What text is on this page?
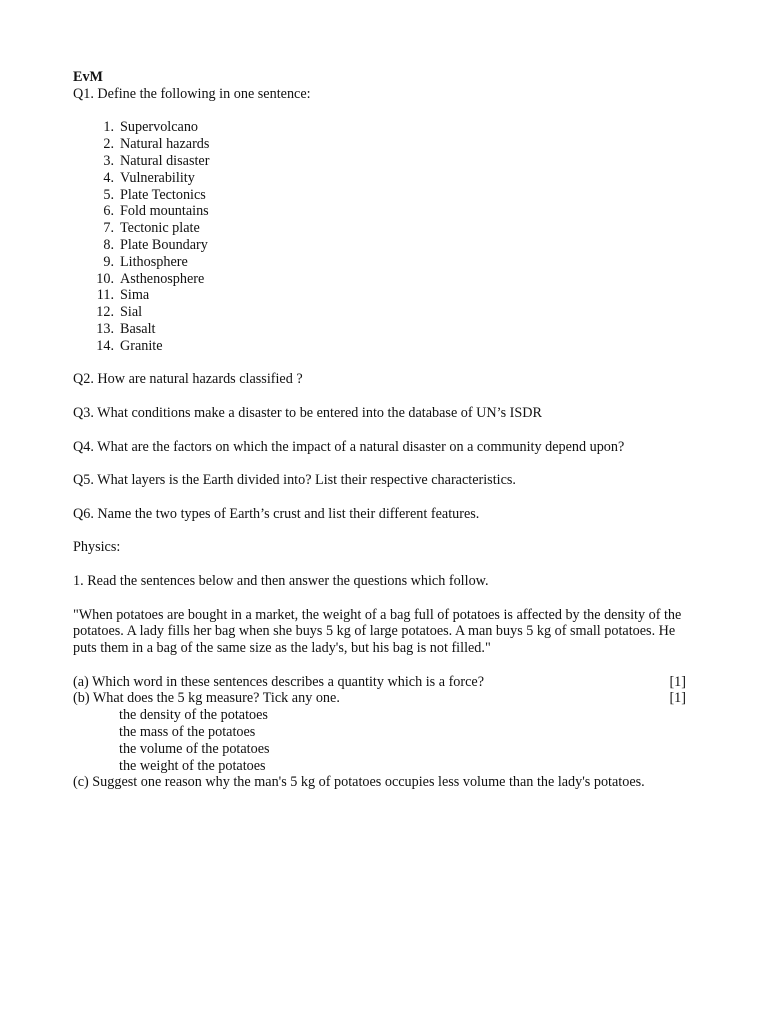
EvM

Q1. Define the following in one sentence:

1. Supervolcano
2. Natural hazards
3. Natural disaster
4. Vulnerability
5. Plate Tectonics
6. Fold mountains
7. Tectonic plate
8. Plate Boundary
9. Lithosphere
10. Asthenosphere
11. Sima
12. Sial
13. Basalt
14. Granite

Q2. How are natural hazards classified ?

Q3. What conditions make a disaster to be entered into the database of UN’s ISDR

Q4. What are the factors on which the impact of a natural disaster on a community depend upon?

Q5. What layers is the Earth divided into? List their respective characteristics.

Q6. Name the two types of Earth’s crust and list their different features.

Physics:

1. Read the sentences below and then answer the questions which follow.

"When potatoes are bought in a market, the weight of a bag full of potatoes is affected by the density of the potatoes. A lady fills her bag when she buys 5 kg of large potatoes. A man buys 5 kg of small potatoes. He puts them in a bag of the same size as the lady's, but his bag is not filled."

(a) Which word in these sentences describes a quantity which is a force?	[1]
(b) What does the 5 kg measure? Tick any one.	[1]

the density of the potatoes

the mass of the potatoes

the volume of the potatoes

the weight of the potatoes

(c) Suggest one reason why the man's 5 kg of potatoes occupies less volume than the lady's potatoes.
